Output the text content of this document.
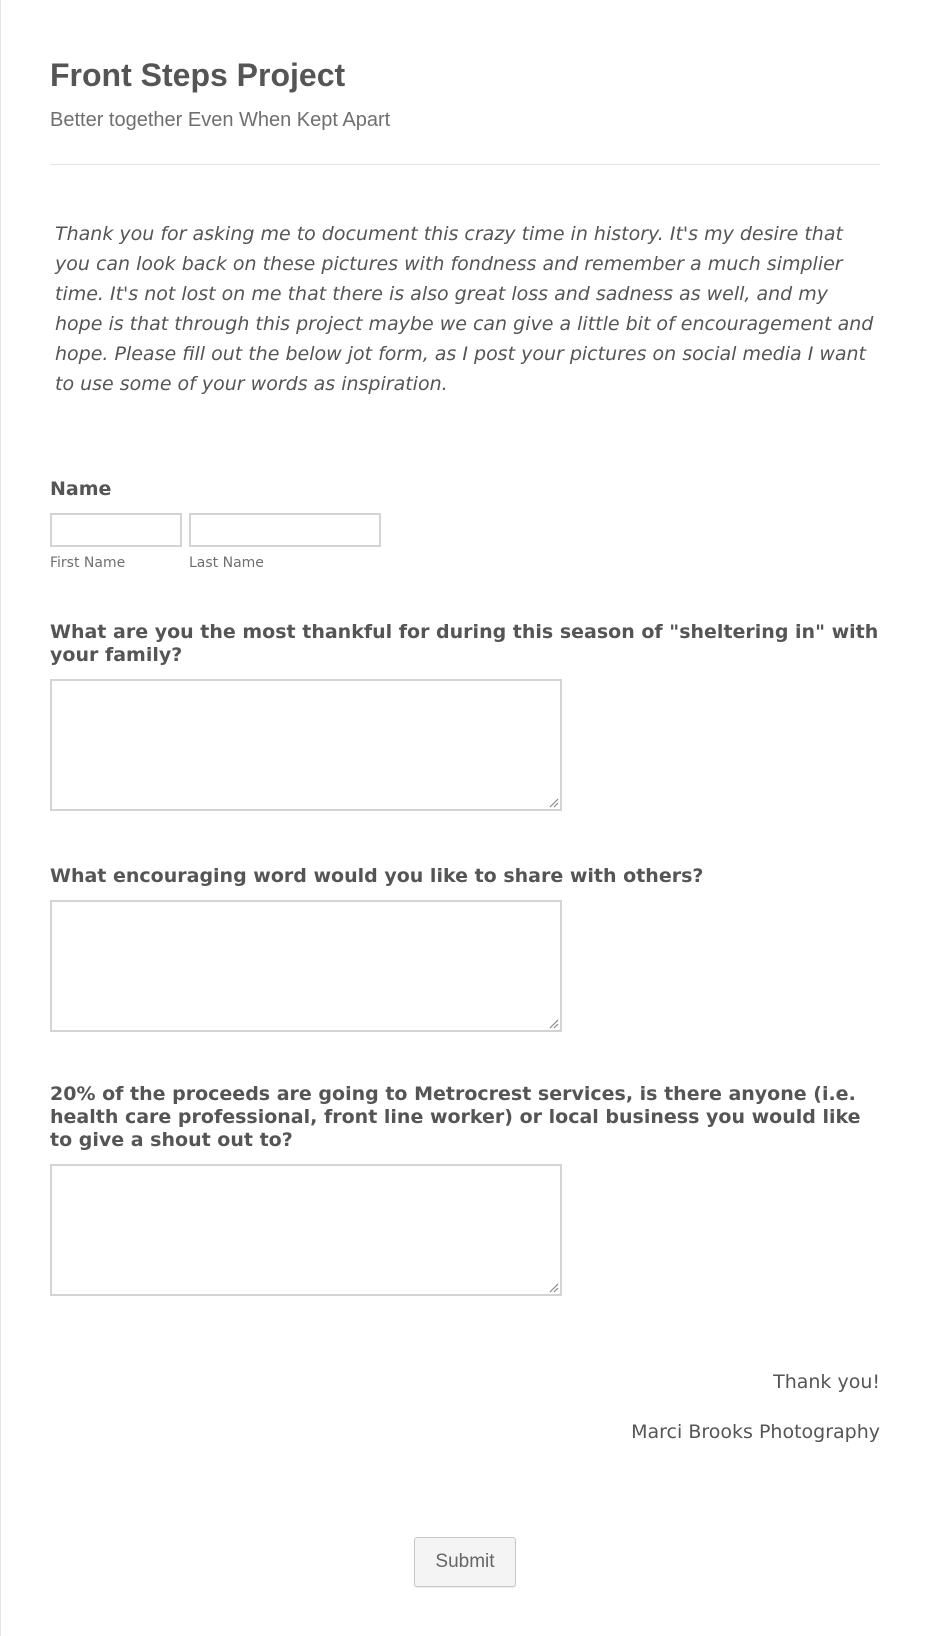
Front Steps Project
Better together Even When Kept Apart
Thank you for asking me to document this crazy time in history. It's my desire that you can look back on these pictures with fondness and remember a much simplier time. It's not lost on me that there is also great loss and sadness as well, and my hope is that through this project maybe we can give a little bit of encouragement and hope. Please fill out the below jot form, as I post your pictures on social media I want to use some of your words as inspiration.
Name
First Name	Last Name
What are you the most thankful for during this season of "sheltering in" with your family?
What encouraging word would you like to share with others?
20% of the proceeds are going to Metrocrest services, is there anyone (i.e. health care professional, front line worker) or local business you would like to give a shout out to?

Thank you!

Marci Brooks Photography
Submit
